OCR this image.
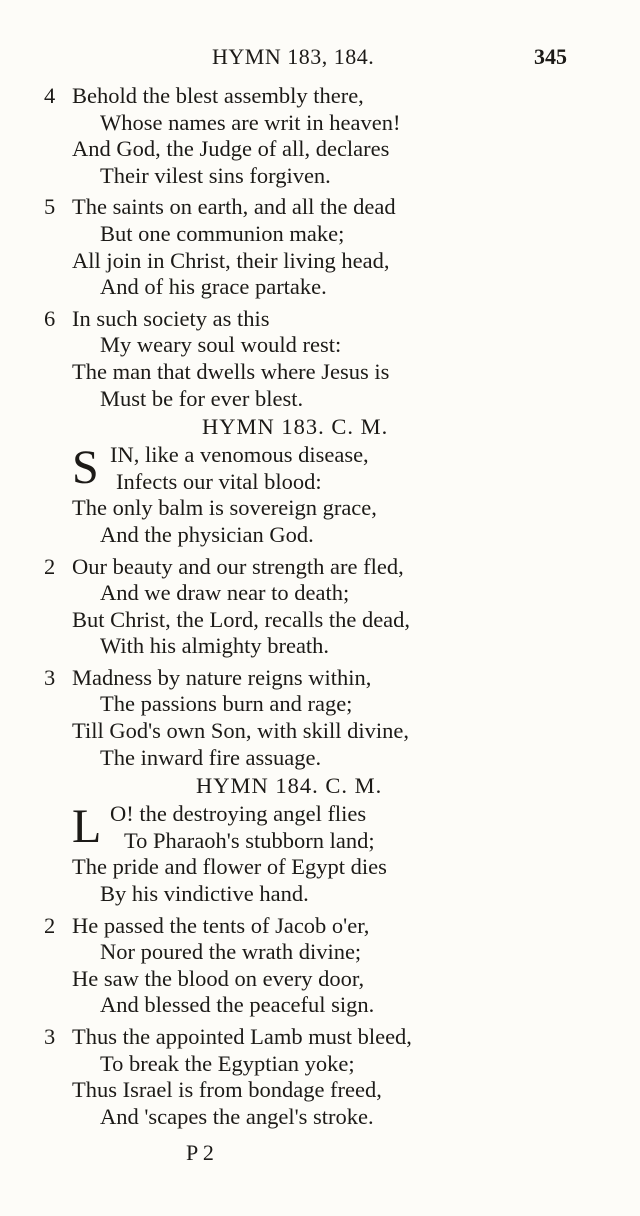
HYMN 183, 184.	345
4 Behold the blest assembly there,
Whose names are writ in heaven!
And God, the Judge of all, declares
Their vilest sins forgiven.
5 The saints on earth, and all the dead
But one communion make;
All join in Christ, their living head,
And of his grace partake.
6 In such society as this
My weary soul would rest:
The man that dwells where Jesus is
Must be for ever blest.
HYMN 183. C. M.
S IN, like a venomous disease,
Infects our vital blood:
The only balm is sovereign grace,
And the physician God.
2 Our beauty and our strength are fled,
And we draw near to death;
But Christ, the Lord, recalls the dead,
With his almighty breath.
3 Madness by nature reigns within,
The passions burn and rage;
Till God's own Son, with skill divine,
The inward fire assuage.
HYMN 184. C. M.
L O! the destroying angel flies
To Pharaoh's stubborn land;
The pride and flower of Egypt dies
By his vindictive hand.
2 He passed the tents of Jacob o'er,
Nor poured the wrath divine;
He saw the blood on every door,
And blessed the peaceful sign.
3 Thus the appointed Lamb must bleed,
To break the Egyptian yoke;
Thus Israel is from bondage freed,
And 'scapes the angel's stroke.
P 2
